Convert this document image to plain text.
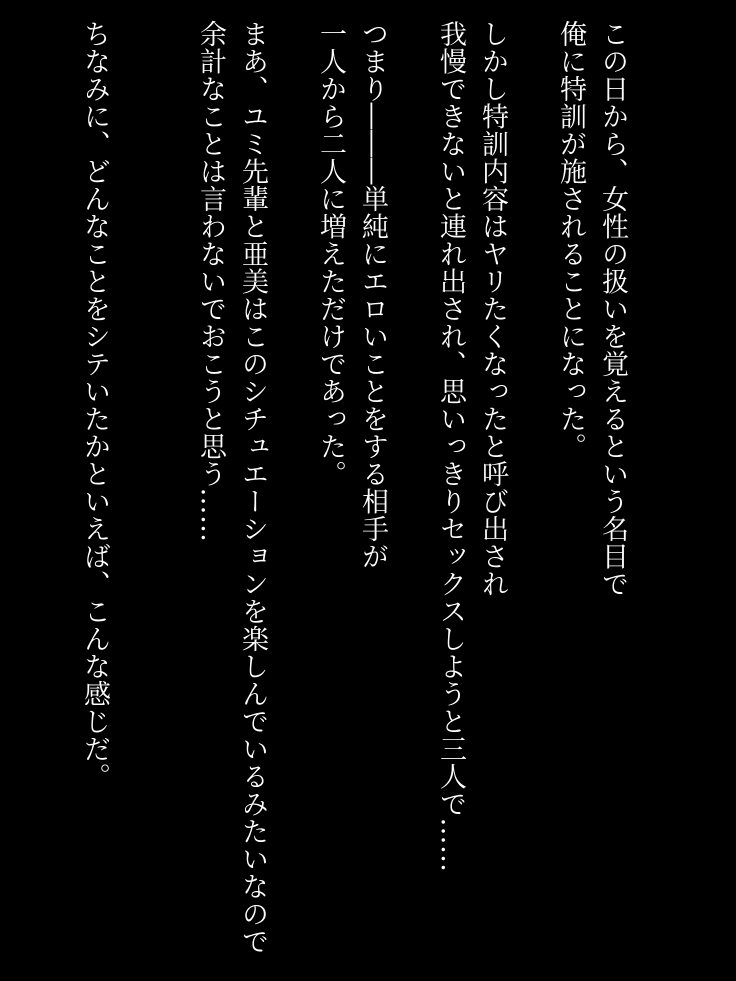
この日から、女性の扱いを覚えるという名目で
俺に特訓が施されることになった。
しかし特訓内容はヤリたくなったと呼び出され
我慢できないと連れ出され、思いっきりセックスしようと三人で……
つまり―――単純にエロいことをする相手が
一人から二人に増えただけであった。
まあ、ユミ先輩と亜美はこのシチュエーションを楽しんでいるみたいなので
余計なことは言わないでおこうと思う……
ちなみに、どんなことをシテいたかといえば、こんな感じだ。
